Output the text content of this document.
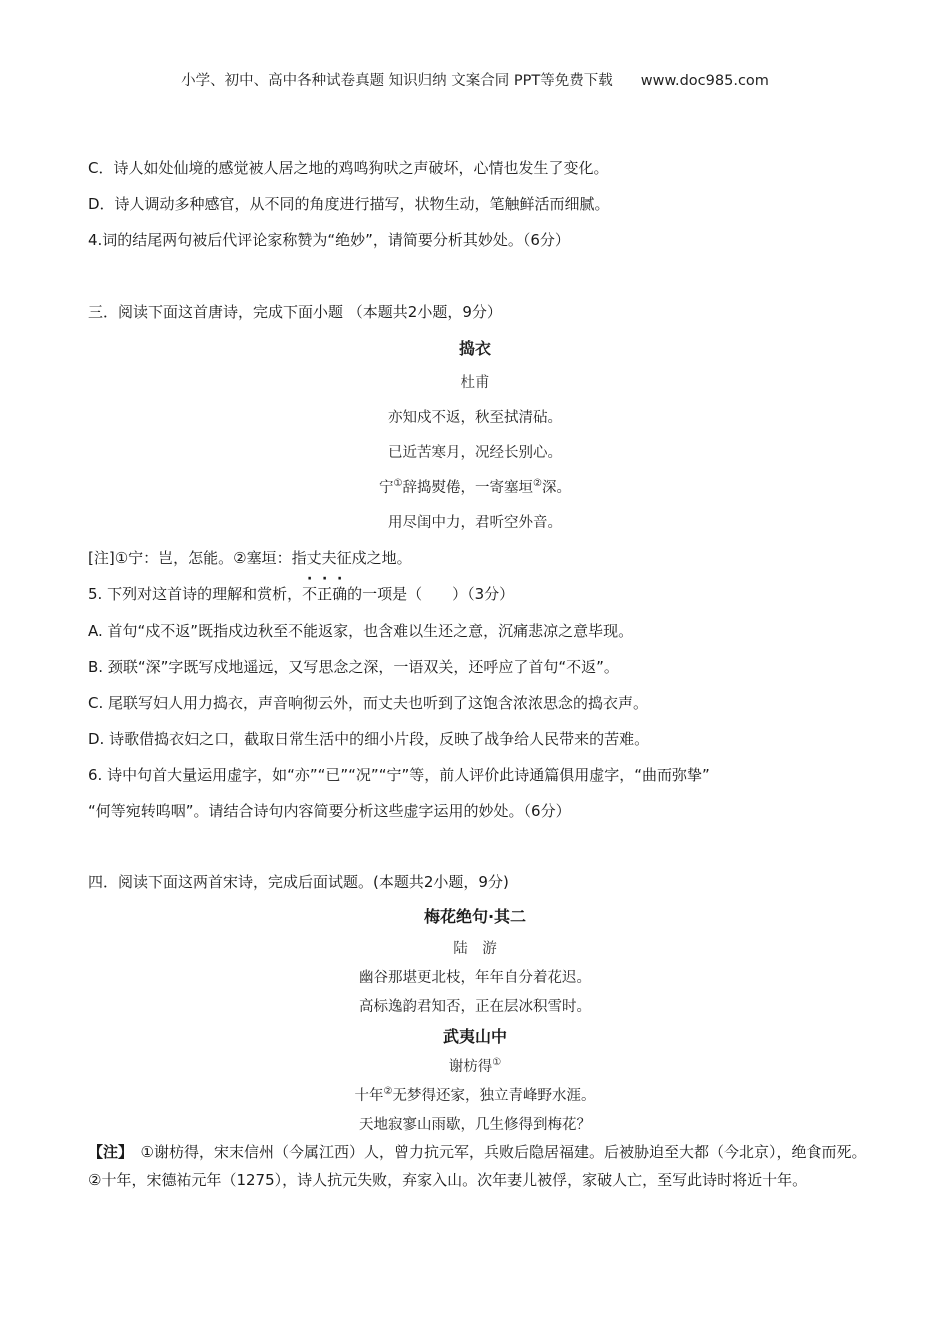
小学、初中、高中各种试卷真题 知识归纳 文案合同 PPT等免费下载 www.doc985.com
C．诗人如处仙境的感觉被人居之地的鸡鸣狗吠之声破坏，心情也发生了变化。
D．诗人调动多种感官，从不同的角度进行描写，状物生动，笔触鲜活而细腻。
4.词的结尾两句被后代评论家称赞为“绝妙”，请简要分析其妙处。（6分）
三．阅读下面这首唐诗，完成下面小题 （本题共2小题，9分）
捣衣
杜甫
亦知戍不返，秋至拭清砧。
已近苦寒月，况经长别心。
宁①辞捣熨倦，一寄塞垣②深。
用尽闺中力，君听空外音。
[注]①宁：岂，怎能。②塞垣：指丈夫征戍之地。
5. 下列对这首诗的理解和赏析，不正确的一项是（　　）（3分）
A. 首句“戍不返”既指戍边秋至不能返家，也含难以生还之意，沉痛悲凉之意毕现。
B. 颈联“深”字既写戍地遥远，又写思念之深，一语双关，还呼应了首句“不返”。
C. 尾联写妇人用力捣衣，声音响彻云外，而丈夫也听到了这饱含浓浓思念的捣衣声。
D. 诗歌借捣衣妇之口，截取日常生活中的细小片段，反映了战争给人民带来的苦难。
6. 诗中句首大量运用虚字，如“亦”“已”“况”“宁”等，前人评价此诗通篇俱用虚字，“曲而弥挚”
“何等宛转呜咽”。请结合诗句内容简要分析这些虚字运用的妙处。（6分）
四．阅读下面这两首宋诗，完成后面试题。(本题共2小题，9分)
梅花绝句·其二
陆　游
幽谷那堪更北枝，年年自分着花迟。
高标逸韵君知否，正在层冰积雪时。
武夷山中
谢枋得①
十年②无梦得还家，独立青峰野水涯。
天地寂寥山雨歇，几生修得到梅花？
【注】　①谢枋得，宋末信州（今属江西）人，曾力抗元军，兵败后隐居福建。后被胁迫至大都（今北京），绝食而死。②十年，宋德祐元年（1275），诗人抗元失败，弃家入山。次年妻儿被俘，家破人亡，至写此诗时将近十年。
